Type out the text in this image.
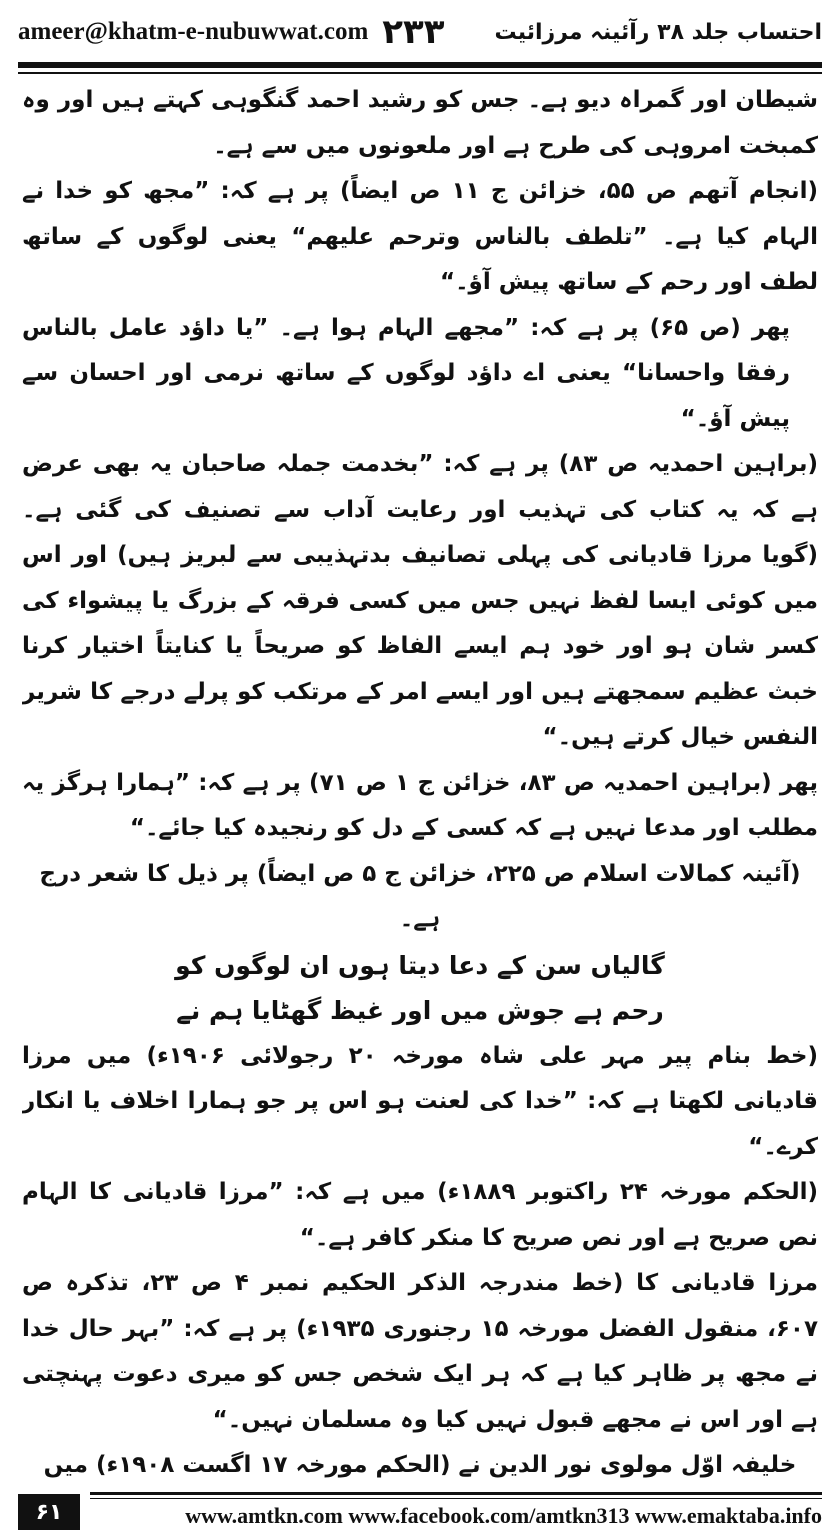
ameer@khatm-e-nubuwwat.com ۲۳۳ احتساب جلد ۳۸ رآئینہ مرزائیت

شیطان اور گمراہ دیو ہے۔ جس کو رشید احمد گنگوہی کہتے ہیں اور وہ کمبخت امروہی کی طرح ہے اور ملعونوں میں سے ہے۔

(انجام آتھم ص ۵۵، خزائن ج ۱۱ ص ایضاً) پر ہے کہ: ”مجھ کو خدا نے الہام کیا ہے۔ ”تلطف بالناس وترحم علیھم“ یعنی لوگوں کے ساتھ لطف اور رحم کے ساتھ پیش آؤ۔“

پھر (ص ۶۵) پر ہے کہ: ”مجھے الہام ہوا ہے۔ ”یا داؤد عامل بالناس رفقا واحسانا“ یعنی اے داؤد لوگوں کے ساتھ نرمی اور احسان سے پیش آؤ۔“

(براہین احمدیہ ص ۸۳) پر ہے کہ: ”بخدمت جملہ صاحبان یہ بھی عرض ہے کہ یہ کتاب کی تہذیب اور رعایت آداب سے تصنیف کی گئی ہے۔ (گویا مرزا قادیانی کی پہلی تصانیف بدتہذیبی سے لبریز ہیں) اور اس میں کوئی ایسا لفظ نہیں جس میں کسی فرقہ کے بزرگ یا پیشواء کی کسر شان ہو اور خود ہم ایسے الفاظ کو صریحاً یا کنایتاً اختیار کرنا خبث عظیم سمجھتے ہیں اور ایسے امر کے مرتکب کو پرلے درجے کا شریر النفس خیال کرتے ہیں۔“

پھر (براہین احمدیہ ص ۸۳، خزائن ج ۱ ص ۷۱) پر ہے کہ: ”ہمارا ہرگز یہ مطلب اور مدعا نہیں ہے کہ کسی کے دل کو رنجیدہ کیا جائے۔“

(آئینہ کمالات اسلام ص ۲۲۵، خزائن ج ۵ ص ایضاً) پر ذیل کا شعر درج ہے۔

گالیاں سن کے دعا دیتا ہوں ان لوگوں کو

رحم ہے جوش میں اور غیظ گھٹایا ہم نے

(خط بنام پیر مہر علی شاہ مورخہ ۲۰ رجولائی ۱۹۰۶ء) میں مرزا قادیانی لکھتا ہے کہ: ”خدا کی لعنت ہو اس پر جو ہمارا اخلاف یا انکار کرے۔“

(الحکم مورخہ ۲۴ راکتوبر ۱۸۸۹ء) میں ہے کہ: ”مرزا قادیانی کا الہام نص صریح ہے اور نص صریح کا منکر کافر ہے۔“

مرزا قادیانی کا (خط مندرجہ الذکر الحکیم نمبر ۴ ص ۲۳، تذکرہ ص ۶۰۷، منقول الفضل مورخہ ۱۵ رجنوری ۱۹۳۵ء) پر ہے کہ: ”بہر حال خدا نے مجھ پر ظاہر کیا ہے کہ ہر ایک شخص جس کو میری دعوت پہنچتی ہے اور اس نے مجھے قبول نہیں کیا وہ مسلمان نہیں۔“

خلیفہ اوّل مولوی نور الدین نے (الحکم مورخہ ۱۷ اگست ۱۹۰۸ء) میں

۶۱	www.amtkn.com www.facebook.com/amtkn313 www.emaktaba.info
